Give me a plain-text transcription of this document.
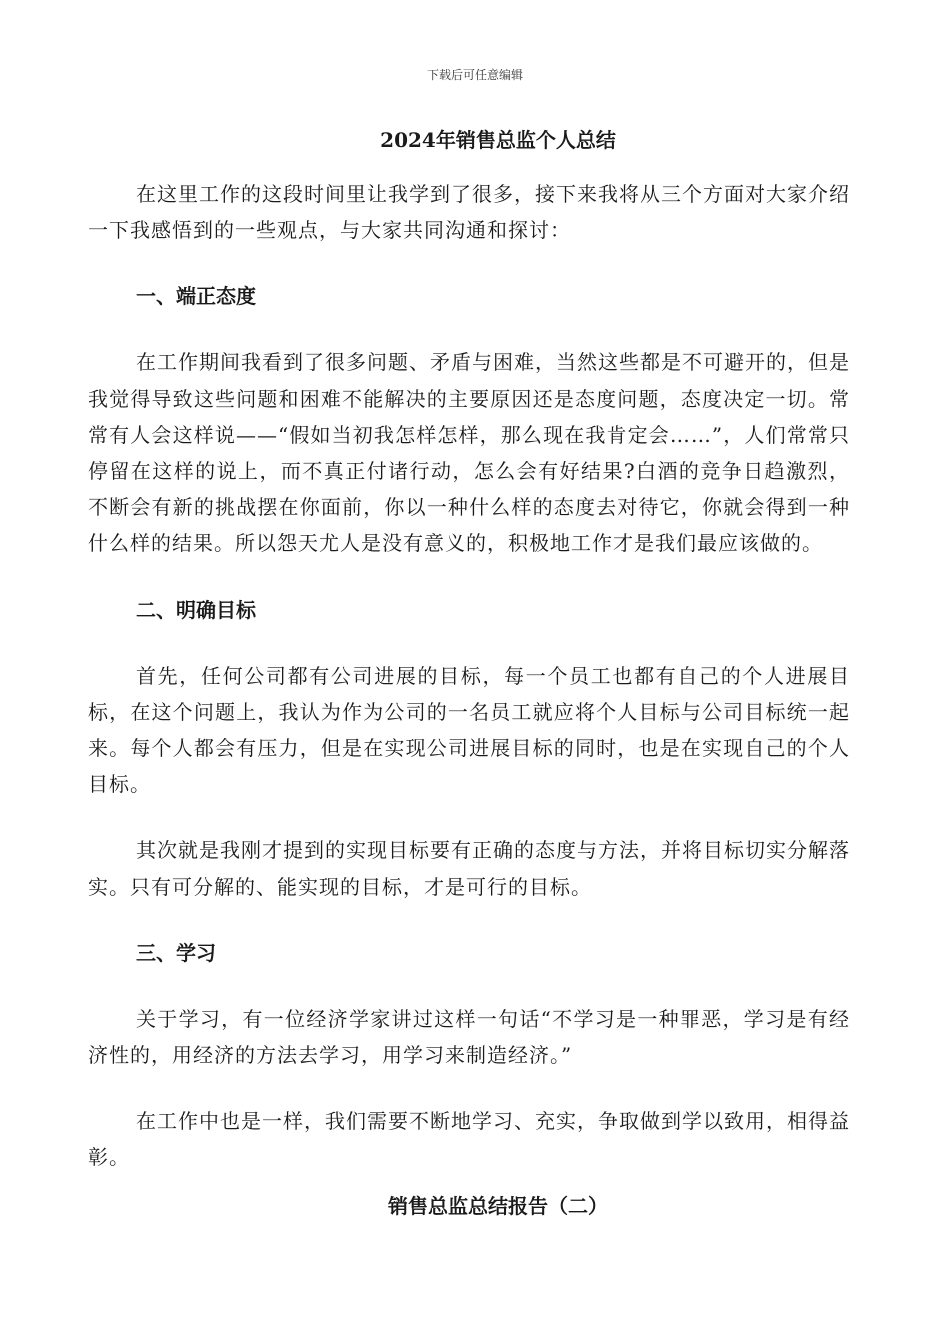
下载后可任意编辑
2024年销售总监个人总结

在这里工作的这段时间里让我学到了很多，接下来我将从三个方面对大家介绍一下我感悟到的一些观点，与大家共同沟通和探讨：

一、端正态度

在工作期间我看到了很多问题、矛盾与困难，当然这些都是不可避开的，但是我觉得导致这些问题和困难不能解决的主要原因还是态度问题，态度决定一切。常常有人会这样说——“假如当初我怎样怎样，那么现在我肯定会……”，人们常常只停留在这样的说上，而不真正付诸行动，怎么会有好结果?白酒的竞争日趋激烈，不断会有新的挑战摆在你面前，你以一种什么样的态度去对待它，你就会得到一种什么样的结果。所以怨天尤人是没有意义的，积极地工作才是我们最应该做的。

二、明确目标

首先，任何公司都有公司进展的目标，每一个员工也都有自己的个人进展目标，在这个问题上，我认为作为公司的一名员工就应将个人目标与公司目标统一起来。每个人都会有压力，但是在实现公司进展目标的同时，也是在实现自己的个人目标。

其次就是我刚才提到的实现目标要有正确的态度与方法，并将目标切实分解落实。只有可分解的、能实现的目标，才是可行的目标。

三、学习

关于学习，有一位经济学家讲过这样一句话“不学习是一种罪恶，学习是有经济性的，用经济的方法去学习，用学习来制造经济。”

在工作中也是一样，我们需要不断地学习、充实，争取做到学以致用，相得益彰。

销售总监总结报告（二）
